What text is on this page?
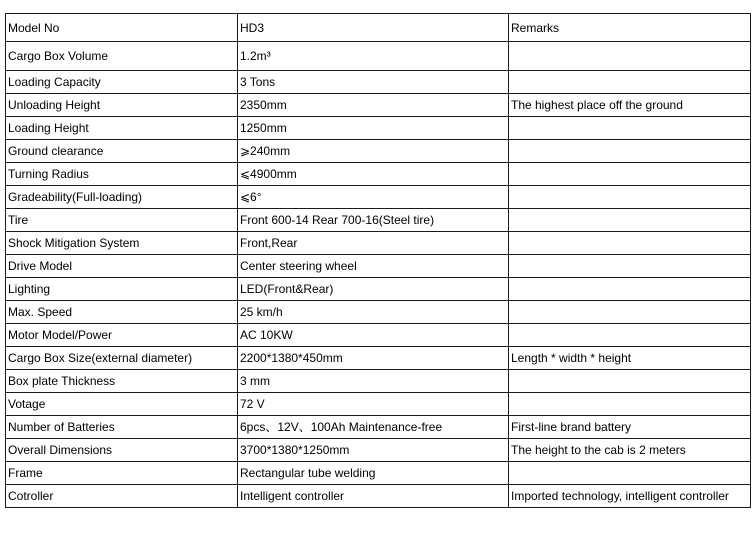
Model No	HD3	Remarks
Cargo Box Volume	1.2m³	
Loading Capacity	3 Tons	
Unloading Height	2350mm	The highest place off the ground
Loading Height	1250mm	
Ground clearance	⩾240mm	
Turning Radius	⩽4900mm	
Gradeability(Full-loading)	⩽6°	
Tire	Front 600-14 Rear 700-16(Steel tire)	
Shock Mitigation System	Front,Rear	
Drive Model	Center steering wheel	
Lighting	LED(Front&Rear)	
Max. Speed	25 km/h	
Motor Model/Power	AC 10KW	
Cargo Box Size(external diameter)	2200*1380*450mm	Length * width * height
Box plate Thickness	3 mm	
Votage	72 V	
Number of Batteries	6pcs、12V、100Ah Maintenance-free	First-line brand battery
Overall Dimensions	3700*1380*1250mm	The height to the cab is 2 meters
Frame	Rectangular tube welding	
Cotroller	Intelligent controller	Imported technology, intelligent controller
